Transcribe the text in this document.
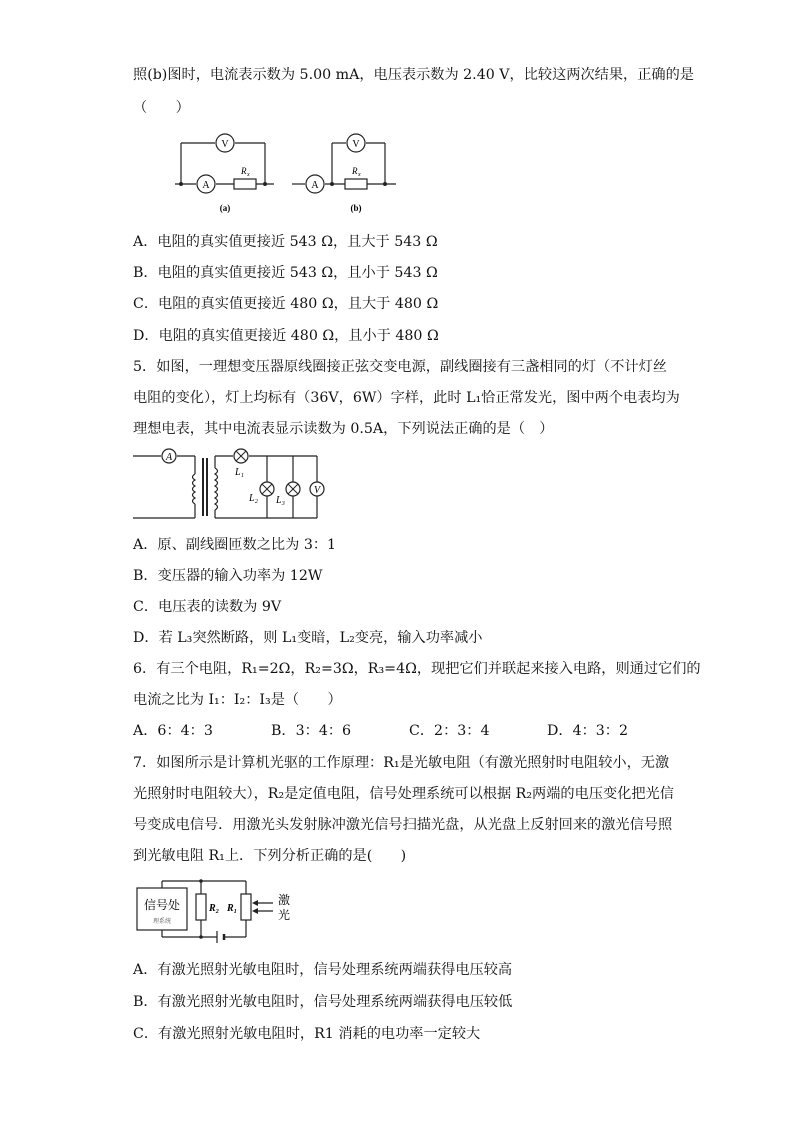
照(b)图时，电流表示数为 5.00 mA，电压表示数为 2.40 V，比较这两次结果，正确的是
（　　）
V
A
R x
(a)
V
A
R x
(b)
A．电阻的真实值更接近 543 Ω，且大于 543 Ω
B．电阻的真实值更接近 543 Ω，且小于 543 Ω
C．电阻的真实值更接近 480 Ω，且大于 480 Ω
D．电阻的真实值更接近 480 Ω，且小于 480 Ω
5．如图，一理想变压器原线圈接正弦交变电源，副线圈接有三盏相同的灯（不计灯丝
电阻的变化），灯上均标有（36V，6W）字样，此时 L₁恰正常发光，图中两个电表均为
理想电表，其中电流表显示读数为 0.5A，下列说法正确的是（　）
A
L₁
L₂ L₃
V
A．原、副线圈匝数之比为 3：1
B．变压器的输入功率为 12W
C．电压表的读数为 9V
D．若 L₃突然断路，则 L₁变暗，L₂变亮，输入功率减小
6．有三个电阻，R₁=2Ω，R₂=3Ω，R₃=4Ω，现把它们并联起来接入电路，则通过它们的
电流之比为 I₁：I₂：I₃是（　　）
A．6：4：3	B．3：4：6	C．2：3：4	D．4：3：2
7．如图所示是计算机光驱的工作原理：R₁是光敏电阻（有激光照射时电阻较小，无激
光照射时电阻较大），R₂是定值电阻，信号处理系统可以根据 R₂两端的电压变化把光信
号变成电信号．用激光头发射脉冲激光信号扫描光盘，从光盘上反射回来的激光信号照
到光敏电阻 R₁上．下列分析正确的是(　　)
信号处
理系统
R₂ R₁
激
光
A．有激光照射光敏电阻时，信号处理系统两端获得电压较高
B．有激光照射光敏电阻时，信号处理系统两端获得电压较低
C．有激光照射光敏电阻时，R1 消耗的电功率一定较大
